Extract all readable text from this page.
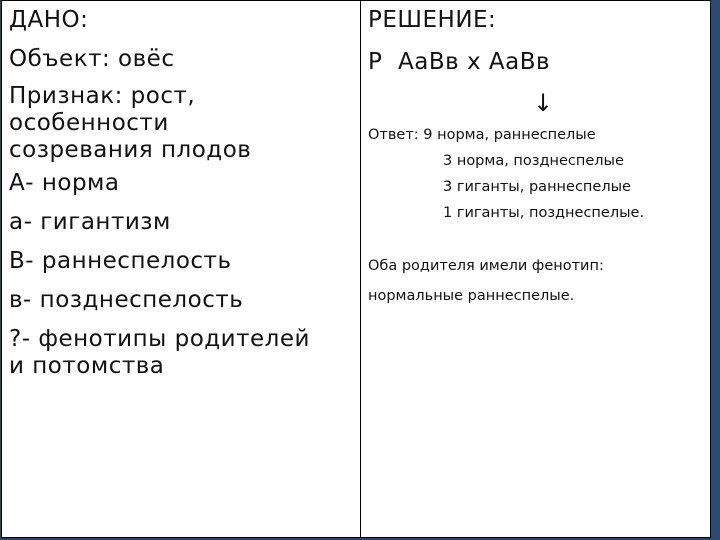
ДАНО:
Объект: овёс
Признак: рост,
особенности
созревания плодов
А- норма
а- гигантизм
В- раннеспелость
в- позднеспелость
?- фенотипы родителей
и потомства
РЕШЕНИЕ:
Р  АаВв х АаВв
↓
Ответ: 9 норма, раннеспелые
3 норма, позднеспелые
3 гиганты, раннеспелые
1 гиганты, позднеспелые.
Оба родителя имели фенотип:
нормальные раннеспелые.
